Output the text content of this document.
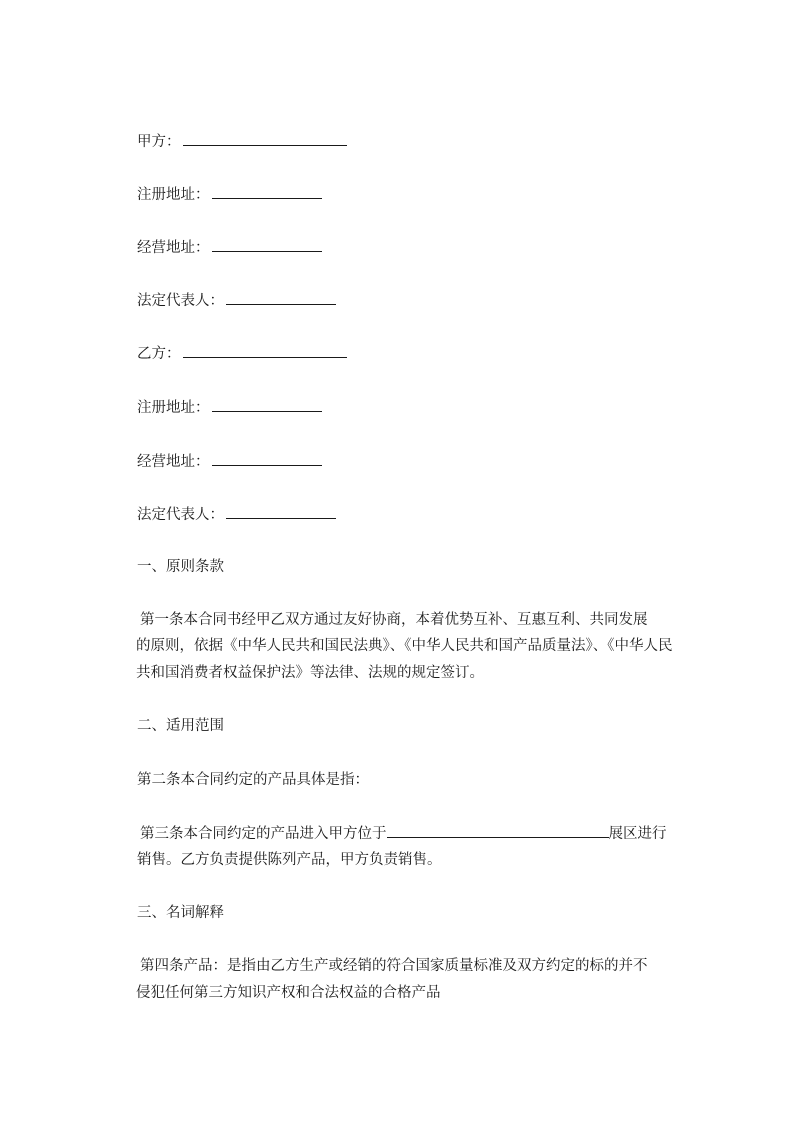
甲方：
注册地址：
经营地址：
法定代表人：
乙方：
注册地址：
经营地址：
法定代表人：
一、原则条款
第一条本合同书经甲乙双方通过友好协商，本着优势互补、互惠互利、共同发展
的原则，依据《中华人民共和国民法典》、《中华人民共和国产品质量法》、《中华人民
共和国消费者权益保护法》等法律、法规的规定签订。
二、适用范围
第二条本合同约定的产品具体是指：
第三条本合同约定的产品进入甲方位于	展区进行
销售。乙方负责提供陈列产品，甲方负责销售。
三、名词解释
第四条产品：是指由乙方生产或经销的符合国家质量标准及双方约定的标的并不
侵犯任何第三方知识产权和合法权益的合格产品
